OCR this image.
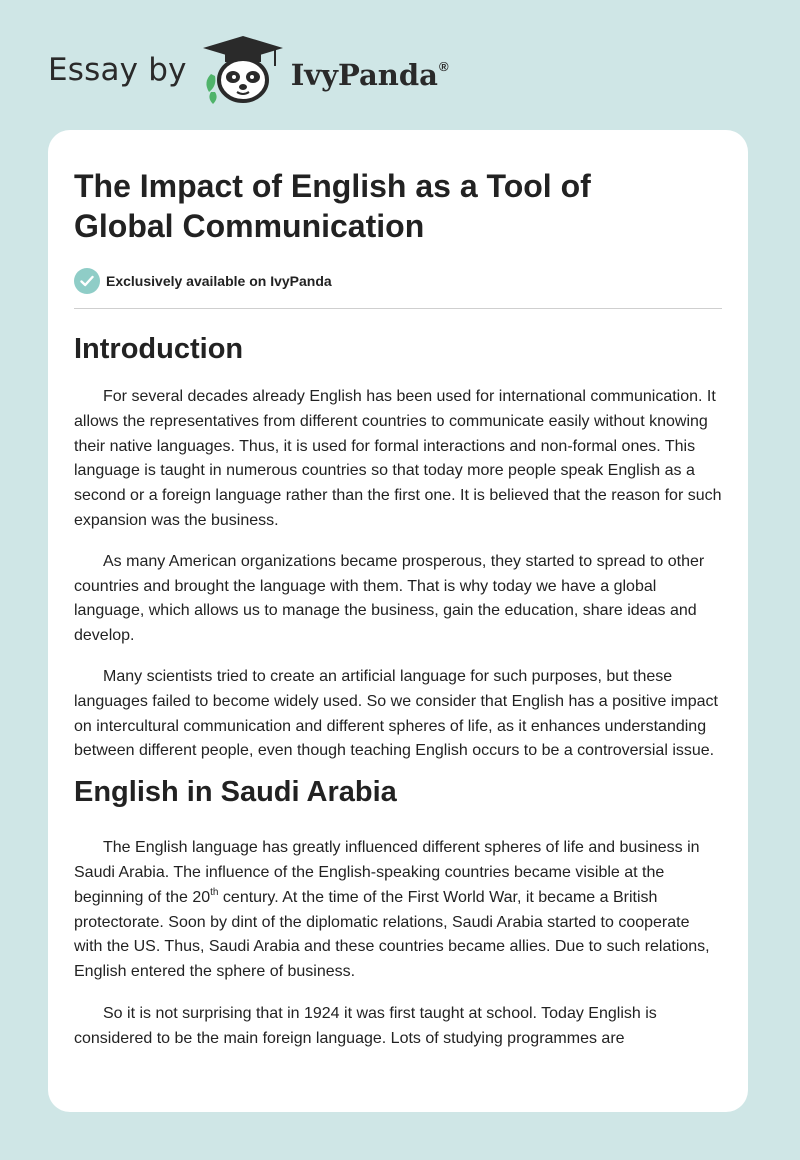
Essay by	IvyPanda®
The Impact of English as a Tool of Global Communication
Exclusively available on IvyPanda
Introduction

For several decades already English has been used for international communication. It allows the representatives from different countries to communicate easily without knowing their native languages. Thus, it is used for formal interactions and non-formal ones. This language is taught in numerous countries so that today more people speak English as a second or a foreign language rather than the first one. It is believed that the reason for such expansion was the business.

As many American organizations became prosperous, they started to spread to other countries and brought the language with them. That is why today we have a global language, which allows us to manage the business, gain the education, share ideas and develop.

Many scientists tried to create an artificial language for such purposes, but these languages failed to become widely used. So we consider that English has a positive impact on intercultural communication and different spheres of life, as it enhances understanding between different people, even though teaching English occurs to be a controversial issue.

English in Saudi Arabia

The English language has greatly influenced different spheres of life and business in Saudi Arabia. The influence of the English-speaking countries became visible at the beginning of the 20th century. At the time of the First World War, it became a British protectorate. Soon by dint of the diplomatic relations, Saudi Arabia started to cooperate with the US. Thus, Saudi Arabia and these countries became allies. Due to such relations, English entered the sphere of business.

So it is not surprising that in 1924 it was first taught at school. Today English is considered to be the main foreign language. Lots of studying programmes are
